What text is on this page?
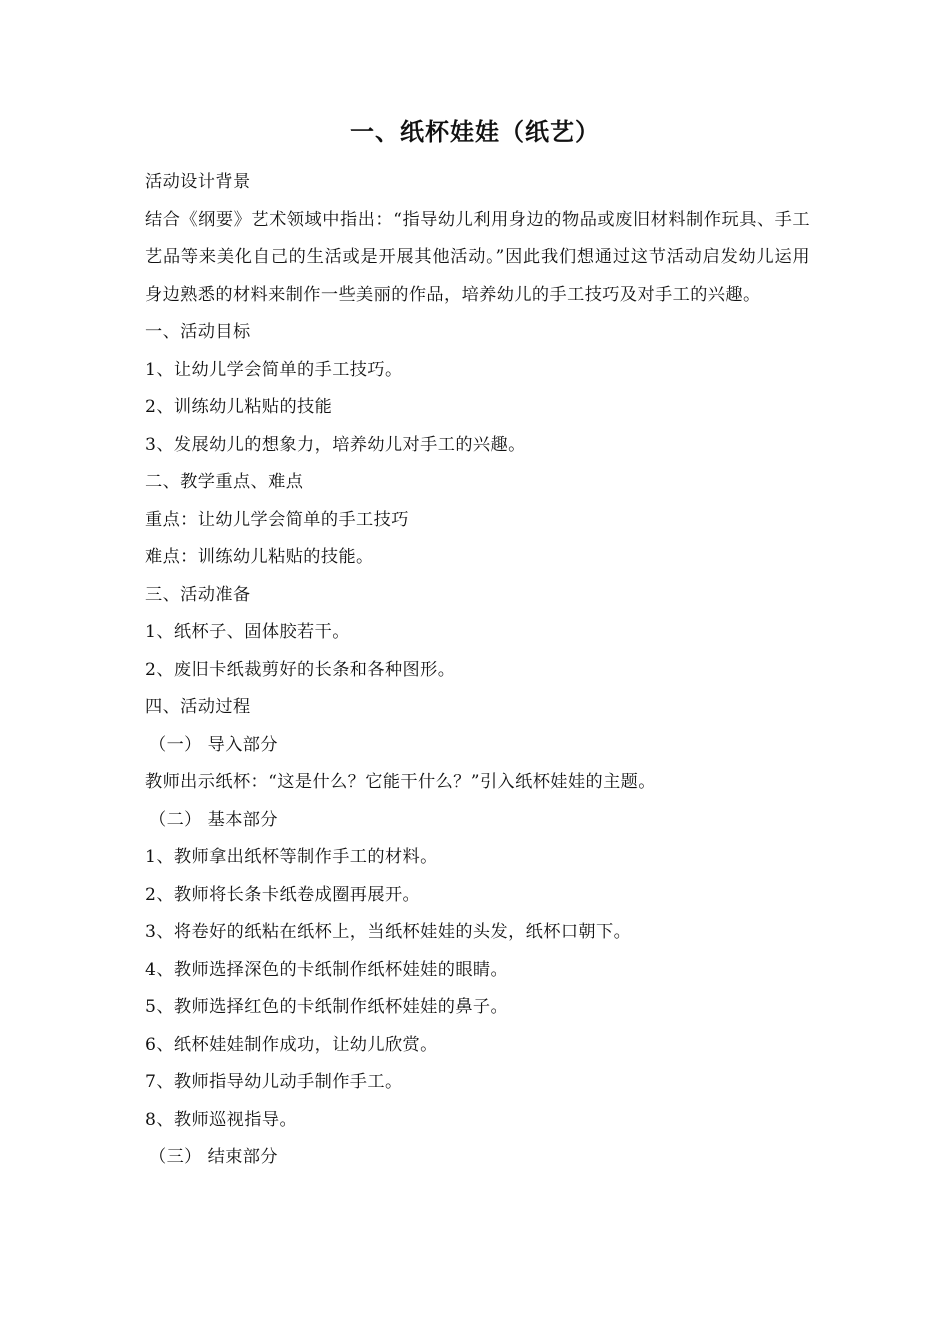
一、纸杯娃娃（纸艺）

活动设计背景

结合《纲要》艺术领域中指出：“指导幼儿利用身边的物品或废旧材料制作玩具、手工艺品等来美化自己的生活或是开展其他活动。”因此我们想通过这节活动启发幼儿运用身边熟悉的材料来制作一些美丽的作品，培养幼儿的手工技巧及对手工的兴趣。

一、活动目标

1、让幼儿学会简单的手工技巧。

2、训练幼儿粘贴的技能

3、发展幼儿的想象力，培养幼儿对手工的兴趣。

二、教学重点、难点

重点：让幼儿学会简单的手工技巧

难点：训练幼儿粘贴的技能。

三、活动准备

1、纸杯子、固体胶若干。

2、废旧卡纸裁剪好的长条和各种图形。

四、活动过程

（一） 导入部分

教师出示纸杯：“这是什么？它能干什么？”引入纸杯娃娃的主题。

（二） 基本部分

1、教师拿出纸杯等制作手工的材料。

2、教师将长条卡纸卷成圈再展开。

3、将卷好的纸粘在纸杯上，当纸杯娃娃的头发，纸杯口朝下。

4、教师选择深色的卡纸制作纸杯娃娃的眼睛。

5、教师选择红色的卡纸制作纸杯娃娃的鼻子。

6、纸杯娃娃制作成功，让幼儿欣赏。

7、教师指导幼儿动手制作手工。

8、教师巡视指导。

（三） 结束部分
